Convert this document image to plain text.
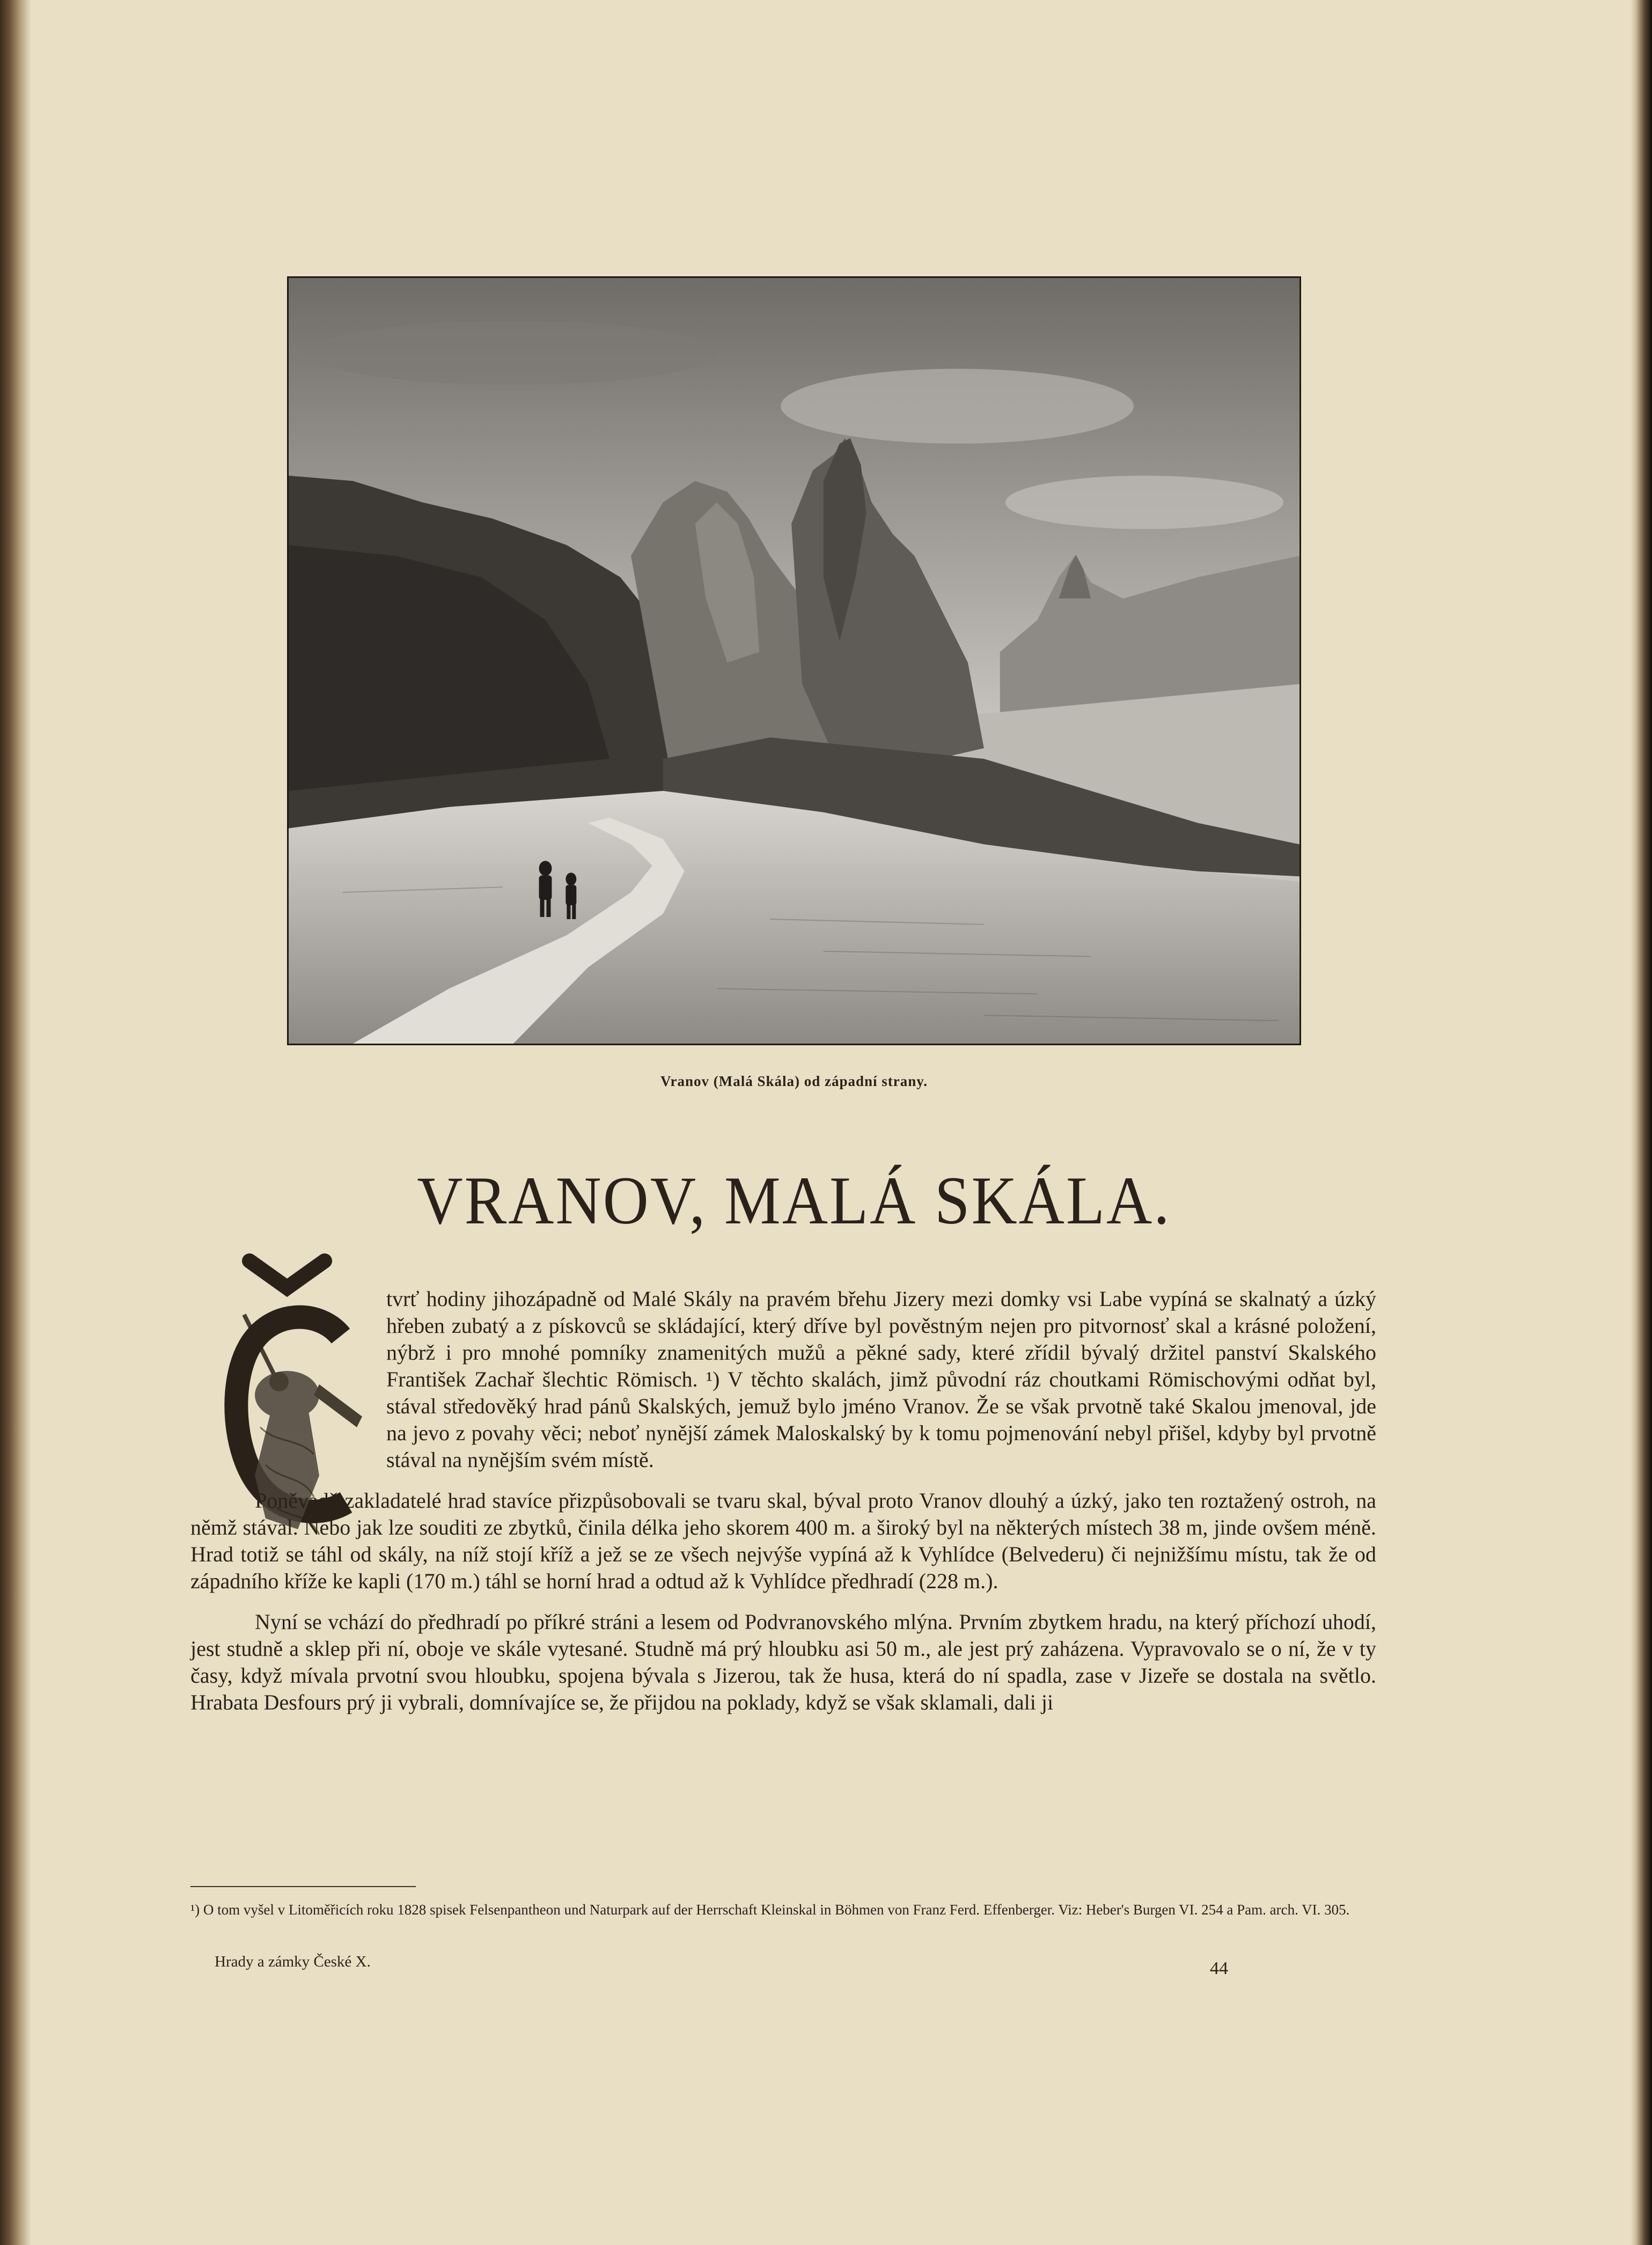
Vranov (Malá Skála) od západní strany.
VRANOV, MALÁ SKÁLA.
Č	tvrť hodiny jihozápadně od Malé Skály na pravém břehu Jizery mezi domky vsi Labe vypíná se skalnatý a úzký hřeben zubatý a z pískovců se skládající, který dříve byl pověstným nejen pro pitvornosť skal a krásné položení, nýbrž i pro mnohé pomníky znamenitých mužů a pěkné sady, které zřídil bývalý držitel panství Skalského František Zachař šlechtic Römisch. ¹) V těchto skalách, jimž původní ráz choutkami Römischovými odňat byl, stával středověký hrad pánů Skalských, jemuž bylo jméno Vranov. Že se však prvotně také Skalou jmenoval, jde na jevo z povahy věci; neboť nynější zámek Maloskalský by k tomu pojmenování nebyl přišel, kdyby byl prvotně stával na nynějším svém místě.

Poněvadž zakladatelé hrad stavíce přizpůsobovali se tvaru skal, býval proto Vranov dlouhý a úzký, jako ten roztažený ostroh, na němž stával. Nebo jak lze souditi ze zbytků, činila délka jeho skorem 400 m. a široký byl na některých místech 38 m, jinde ovšem méně. Hrad totiž se táhl od skály, na níž stojí kříž a jež se ze všech nejvýše vypíná až k Vyhlídce (Belvederu) či nejnižšímu místu, tak že od západního kříže ke kapli (170 m.) táhl se horní hrad a odtud až k Vyhlídce předhradí (228 m.).

Nyní se vchází do předhradí po příkré stráni a lesem od Podvranovského mlýna. Prvním zbytkem hradu, na který příchozí uhodí, jest studně a sklep při ní, oboje ve skále vytesané. Studně má prý hloubku asi 50 m., ale jest prý zaházena. Vypravovalo se o ní, že v ty časy, když mívala prvotní svou hloubku, spojena bývala s Jizerou, tak že husa, která do ní spadla, zase v Jizeře se dostala na světlo. Hrabata Desfours prý ji vybrali, domnívajíce se, že přijdou na poklady, když se však sklamali, dali ji

¹) O tom vyšel v Litoměřicích roku 1828 spisek Felsenpantheon und Naturpark auf der Herrschaft Kleinskal in Böhmen von Franz Ferd. Effenberger. Viz: Heber's Burgen VI. 254 a Pam. arch. VI. 305.
Hrady a zámky České X.	44
